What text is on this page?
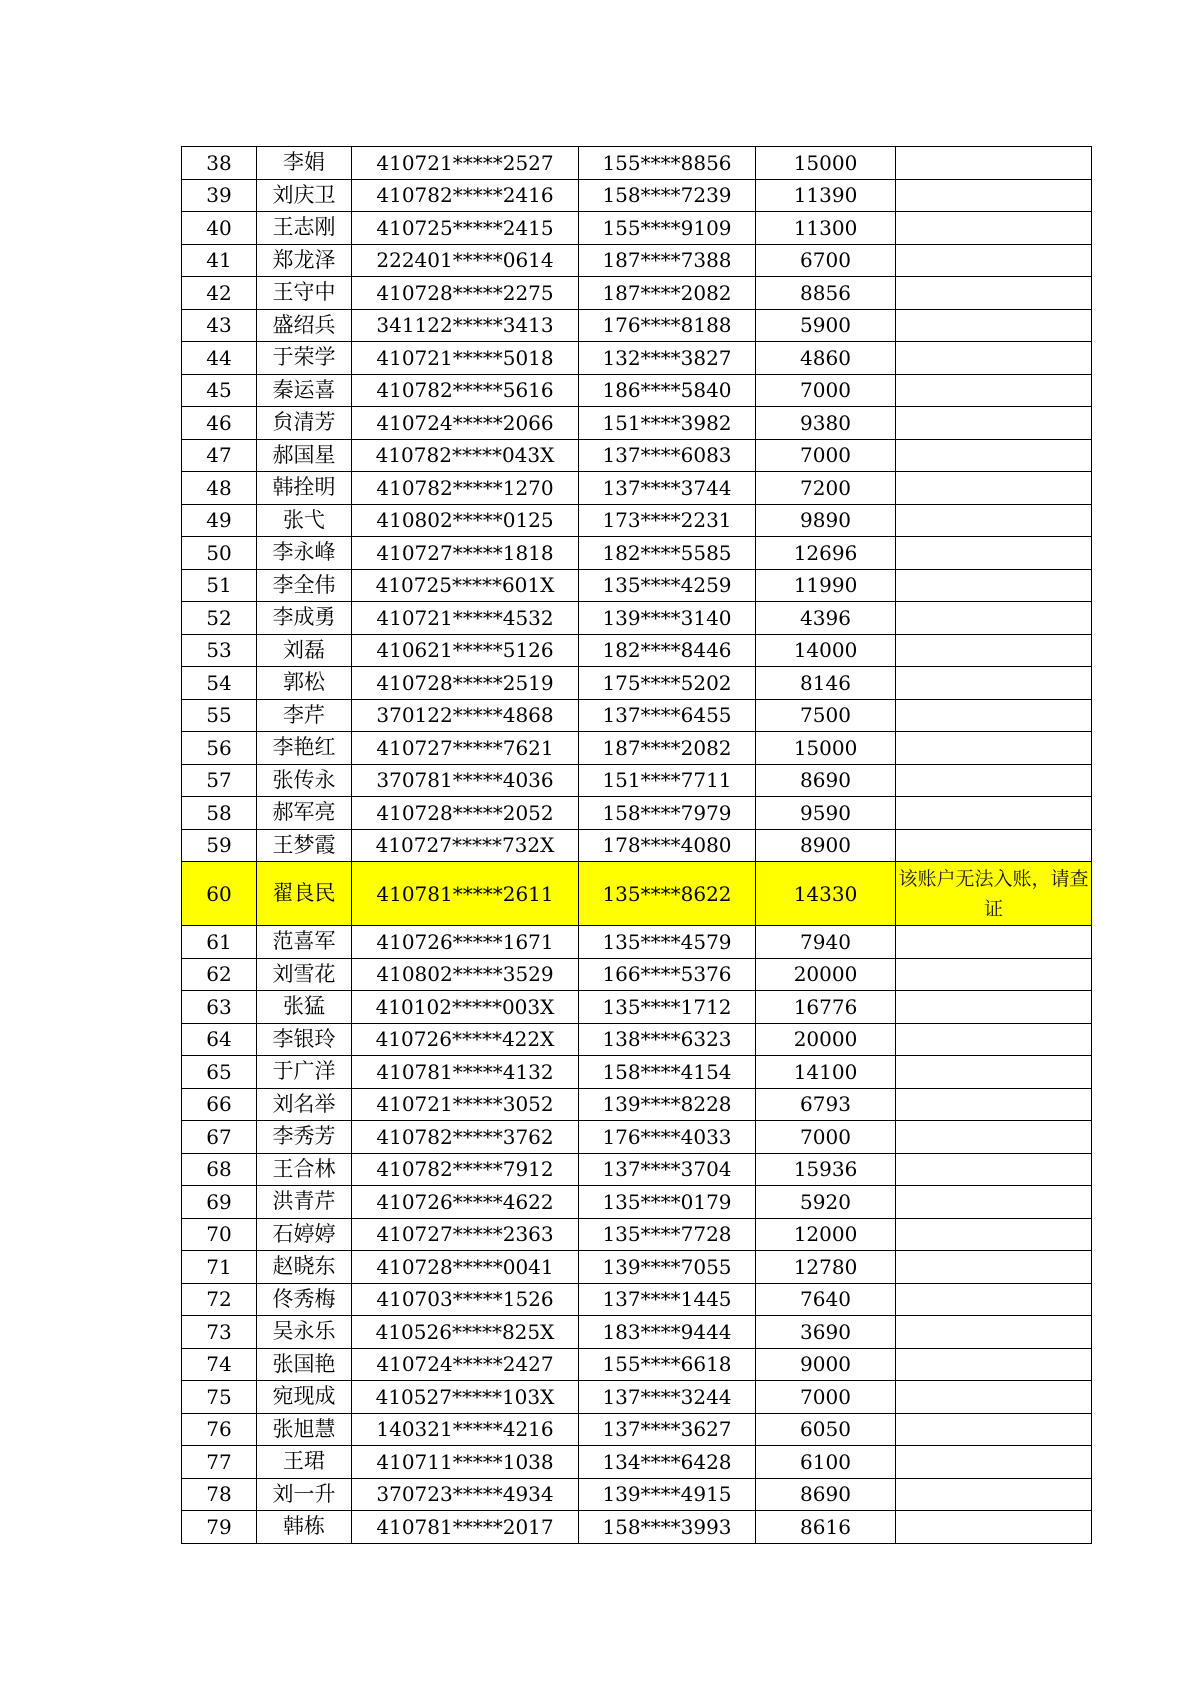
38	李娟	410721*****2527	155****8856	15000	
39	刘庆卫	410782*****2416	158****7239	11390	
40	王志刚	410725*****2415	155****9109	11300	
41	郑龙泽	222401*****0614	187****7388	6700	
42	王守中	410728*****2275	187****2082	8856	
43	盛绍兵	341122*****3413	176****8188	5900	
44	于荣学	410721*****5018	132****3827	4860	
45	秦运喜	410782*****5616	186****5840	7000	
46	贠清芳	410724*****2066	151****3982	9380	
47	郝国星	410782*****043X	137****6083	7000	
48	韩拴明	410782*****1270	137****3744	7200	
49	张弋	410802*****0125	173****2231	9890	
50	李永峰	410727*****1818	182****5585	12696	
51	李全伟	410725*****601X	135****4259	11990	
52	李成勇	410721*****4532	139****3140	4396	
53	刘磊	410621*****5126	182****8446	14000	
54	郭松	410728*****2519	175****5202	8146	
55	李芹	370122*****4868	137****6455	7500	
56	李艳红	410727*****7621	187****2082	15000	
57	张传永	370781*****4036	151****7711	8690	
58	郝军亮	410728*****2052	158****7979	9590	
59	王梦霞	410727*****732X	178****4080	8900	
60	翟良民	410781*****2611	135****8622	14330	该账户无法入账，请查证
61	范喜军	410726*****1671	135****4579	7940	
62	刘雪花	410802*****3529	166****5376	20000	
63	张猛	410102*****003X	135****1712	16776	
64	李银玲	410726*****422X	138****6323	20000	
65	于广洋	410781*****4132	158****4154	14100	
66	刘名举	410721*****3052	139****8228	6793	
67	李秀芳	410782*****3762	176****4033	7000	
68	王合林	410782*****7912	137****3704	15936	
69	洪青芹	410726*****4622	135****0179	5920	
70	石婷婷	410727*****2363	135****7728	12000	
71	赵晓东	410728*****0041	139****7055	12780	
72	佟秀梅	410703*****1526	137****1445	7640	
73	吴永乐	410526*****825X	183****9444	3690	
74	张国艳	410724*****2427	155****6618	9000	
75	宛现成	410527*****103X	137****3244	7000	
76	张旭慧	140321*****4216	137****3627	6050	
77	王珺	410711*****1038	134****6428	6100	
78	刘一升	370723*****4934	139****4915	8690	
79	韩栋	410781*****2017	158****3993	8616	
